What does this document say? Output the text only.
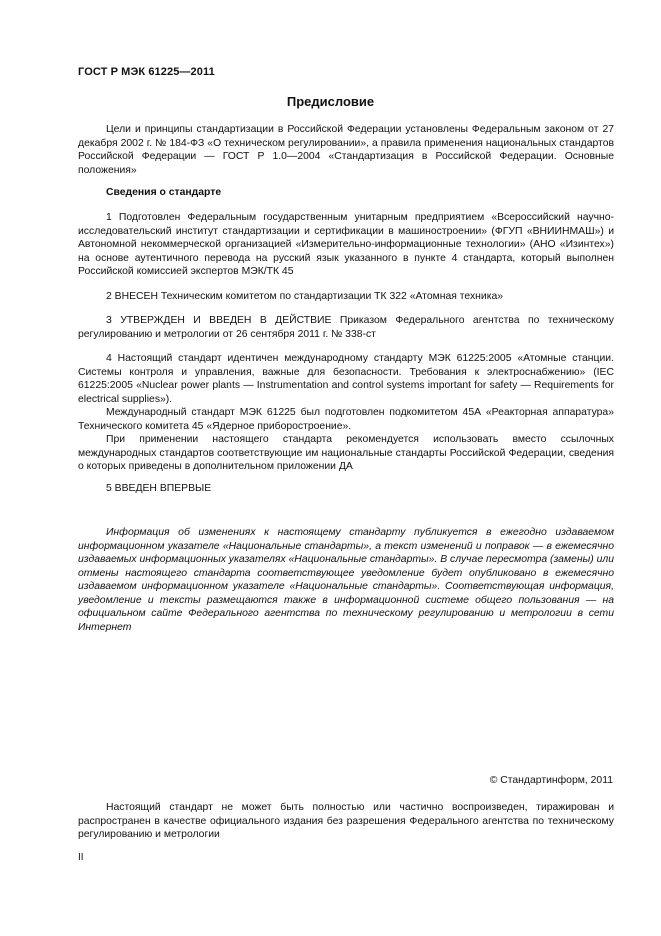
ГОСТ Р МЭК 61225—2011
Предисловие

Цели и принципы стандартизации в Российской Федерации установлены Федеральным законом от 27 декабря 2002 г. № 184-ФЗ «О техническом регулировании», а правила применения национальных стандартов Российской Федерации — ГОСТ Р 1.0—2004 «Стандартизация в Российской Федерации. Основные положения»

Сведения о стандарте

1 Подготовлен Федеральным государственным унитарным предприятием «Всероссийский научно-исследовательский институт стандартизации и сертификации в машиностроении» (ФГУП «ВНИИНМАШ») и Автономной некоммерческой организацией «Измерительно-информационные технологии» (АНО «Изинтех») на основе аутентичного перевода на русский язык указанного в пункте 4 стандарта, который выполнен Российской комиссией экспертов МЭК/ТК 45

2 ВНЕСЕН Техническим комитетом по стандартизации ТК 322 «Атомная техника»

3 УТВЕРЖДЕН И ВВЕДЕН В ДЕЙСТВИЕ Приказом Федерального агентства по техническому регулированию и метрологии от 26 сентября 2011 г. № 338-ст

4 Настоящий стандарт идентичен международному стандарту МЭК 61225:2005 «Атомные станции. Системы контроля и управления, важные для безопасности. Требования к электроснабжению» (IEC 61225:2005 «Nuclear power plants — Instrumentation and control systems important for safety — Requirements for electrical supplies»).

Международный стандарт МЭК 61225 был подготовлен подкомитетом 45А «Реакторная аппаратура» Технического комитета 45 «Ядерное приборостроение».

При применении настоящего стандарта рекомендуется использовать вместо ссылочных международных стандартов соответствующие им национальные стандарты Российской Федерации, сведения о которых приведены в дополнительном приложении ДА

5 ВВЕДЕН ВПЕРВЫЕ

Информация об изменениях к настоящему стандарту публикуется в ежегодно издаваемом информационном указателе «Национальные стандарты», а текст изменений и поправок — в ежемесячно издаваемых информационных указателях «Национальные стандарты». В случае пересмотра (замены) или отмены настоящего стандарта соответствующее уведомление будет опубликовано в ежемесячно издаваемом информационном указателе «Национальные стандарты». Соответствующая информация, уведомление и тексты размещаются также в информационной системе общего пользования — на официальном сайте Федерального агентства по техническому регулированию и метрологии в сети Интернет

© Стандартинформ, 2011

Настоящий стандарт не может быть полностью или частично воспроизведен, тиражирован и распространен в качестве официального издания без разрешения Федерального агентства по техническому регулированию и метрологии

II
